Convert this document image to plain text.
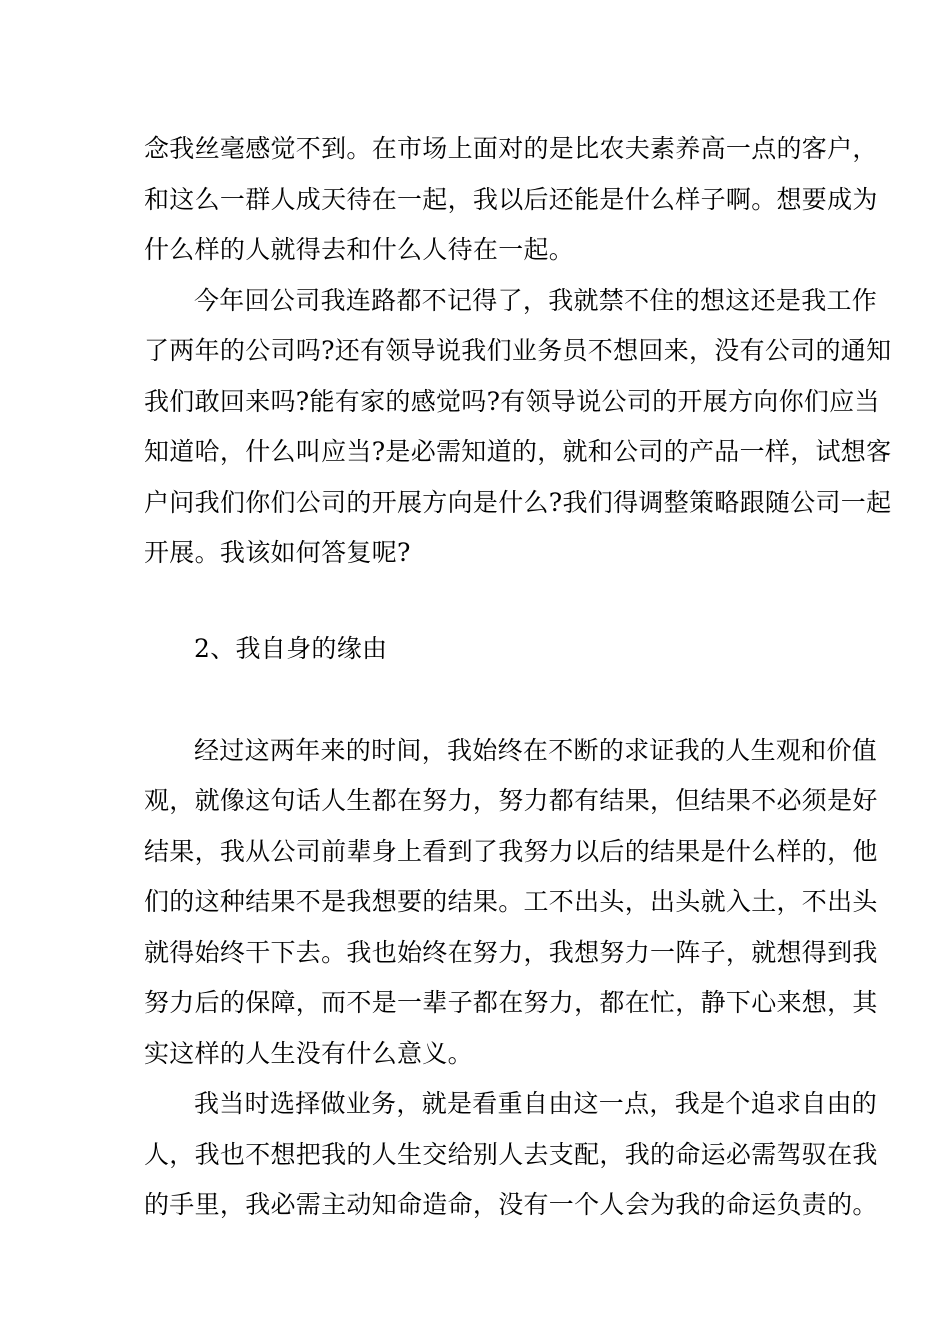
念我丝毫感觉不到。在市场上面对的是比农夫素养高一点的客户，
和这么一群人成天待在一起，我以后还能是什么样子啊。想要成为
什么样的人就得去和什么人待在一起。
今年回公司我连路都不记得了，我就禁不住的想这还是我工作
了两年的公司吗?还有领导说我们业务员不想回来，没有公司的通知
我们敢回来吗?能有家的感觉吗?有领导说公司的开展方向你们应当
知道哈，什么叫应当?是必需知道的，就和公司的产品一样，试想客
户问我们你们公司的开展方向是什么?我们得调整策略跟随公司一起
开展。我该如何答复呢?
2、我自身的缘由
经过这两年来的时间，我始终在不断的求证我的人生观和价值
观，就像这句话人生都在努力，努力都有结果，但结果不必须是好
结果，我从公司前辈身上看到了我努力以后的结果是什么样的，他
们的这种结果不是我想要的结果。工不出头，出头就入土，不出头
就得始终干下去。我也始终在努力，我想努力一阵子，就想得到我
努力后的保障，而不是一辈子都在努力，都在忙，静下心来想，其
实这样的人生没有什么意义。
我当时选择做业务，就是看重自由这一点，我是个追求自由的
人，我也不想把我的人生交给别人去支配，我的命运必需驾驭在我
的手里，我必需主动知命造命，没有一个人会为我的命运负责的。
